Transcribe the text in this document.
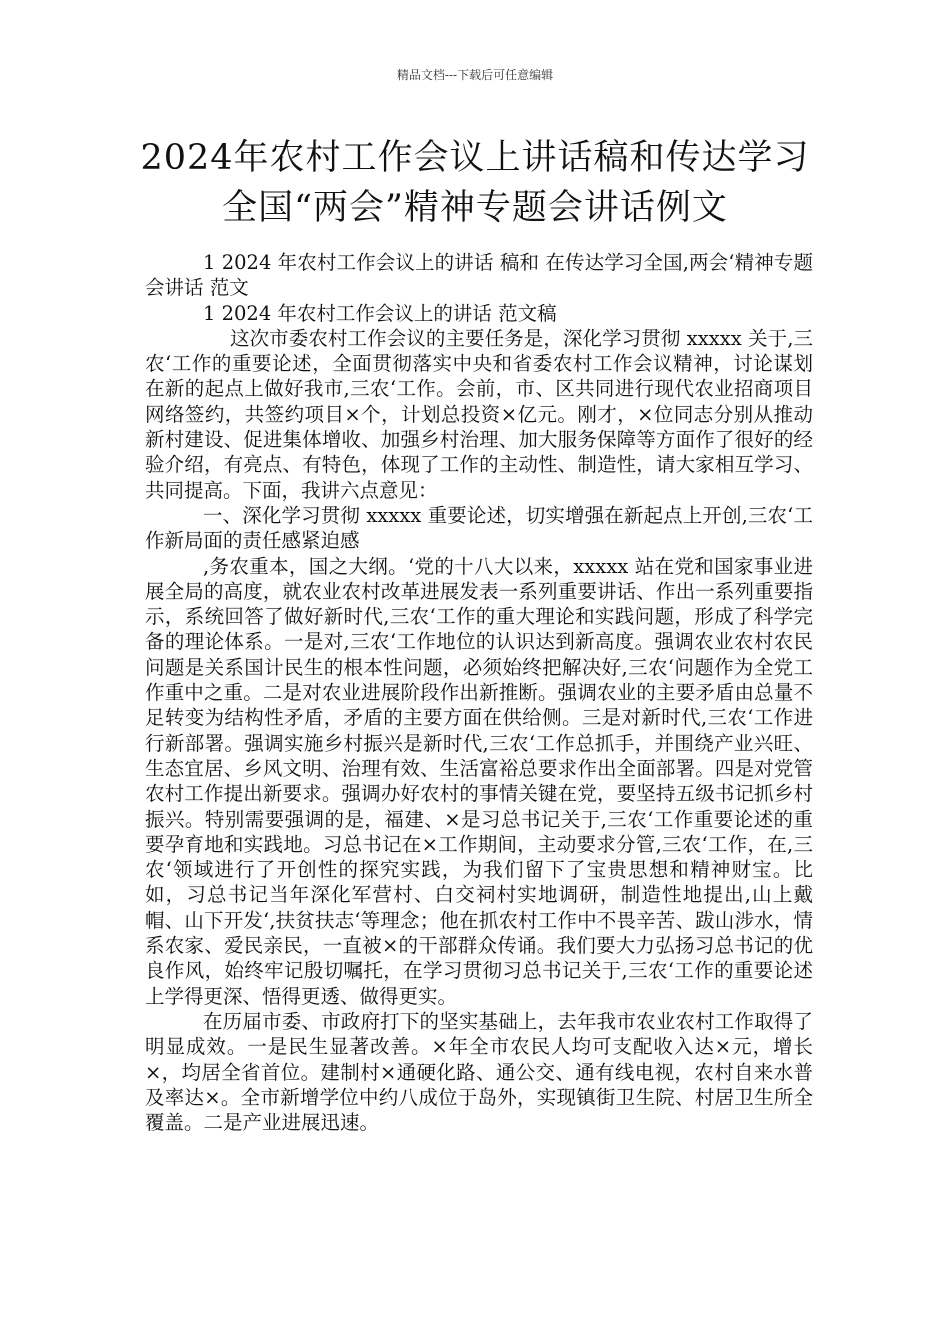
精品文档---下载后可任意编辑
2024年农村工作会议上讲话稿和传达学习
全国“两会”精神专题会讲话例文

1 2024 年农村工作会议上的讲话 稿和 在传达学习全国,两会‘精神专题会讲话 范文

1 2024 年农村工作会议上的讲话 范文稿

这次市委农村工作会议的主要任务是，深化学习贯彻 xxxxx 关于,三农‘工作的重要论述，全面贯彻落实中央和省委农村工作会议精神，讨论谋划在新的起点上做好我市,三农‘工作。会前，市、区共同进行现代农业招商项目网络签约，共签约项目×个，计划总投资×亿元。刚才，×位同志分别从推动新村建设、促进集体增收、加强乡村治理、加大服务保障等方面作了很好的经验介绍，有亮点、有特色，体现了工作的主动性、制造性，请大家相互学习、共同提高。下面，我讲六点意见：

一、深化学习贯彻 xxxxx 重要论述，切实增强在新起点上开创,三农‘工作新局面的责任感紧迫感

,务农重本，国之大纲。‘党的十八大以来，xxxxx 站在党和国家事业进展全局的高度，就农业农村改革进展发表一系列重要讲话、作出一系列重要指示，系统回答了做好新时代,三农‘工作的重大理论和实践问题，形成了科学完备的理论体系。一是对,三农‘工作地位的认识达到新高度。强调农业农村农民问题是关系国计民生的根本性问题，必须始终把解决好,三农‘问题作为全党工作重中之重。二是对农业进展阶段作出新推断。强调农业的主要矛盾由总量不足转变为结构性矛盾，矛盾的主要方面在供给侧。三是对新时代,三农‘工作进行新部署。强调实施乡村振兴是新时代,三农‘工作总抓手，并围绕产业兴旺、生态宜居、乡风文明、治理有效、生活富裕总要求作出全面部署。四是对党管农村工作提出新要求。强调办好农村的事情关键在党，要坚持五级书记抓乡村振兴。特别需要强调的是，福建、×是习总书记关于,三农‘工作重要论述的重要孕育地和实践地。习总书记在×工作期间，主动要求分管,三农‘工作，在,三农‘领域进行了开创性的探究实践，为我们留下了宝贵思想和精神财宝。比如，习总书记当年深化军营村、白交祠村实地调研，制造性地提出,山上戴帽、山下开发‘,扶贫扶志‘等理念；他在抓农村工作中不畏辛苦、跋山涉水，情系农家、爱民亲民，一直被×的干部群众传诵。我们要大力弘扬习总书记的优良作风，始终牢记殷切嘱托，在学习贯彻习总书记关于,三农‘工作的重要论述上学得更深、悟得更透、做得更实。

在历届市委、市政府打下的坚实基础上，去年我市农业农村工作取得了明显成效。一是民生显著改善。×年全市农民人均可支配收入达×元，增长×，均居全省首位。建制村×通硬化路、通公交、通有线电视，农村自来水普及率达×。全市新增学位中约八成位于岛外，实现镇街卫生院、村居卫生所全覆盖。二是产业进展迅速。
